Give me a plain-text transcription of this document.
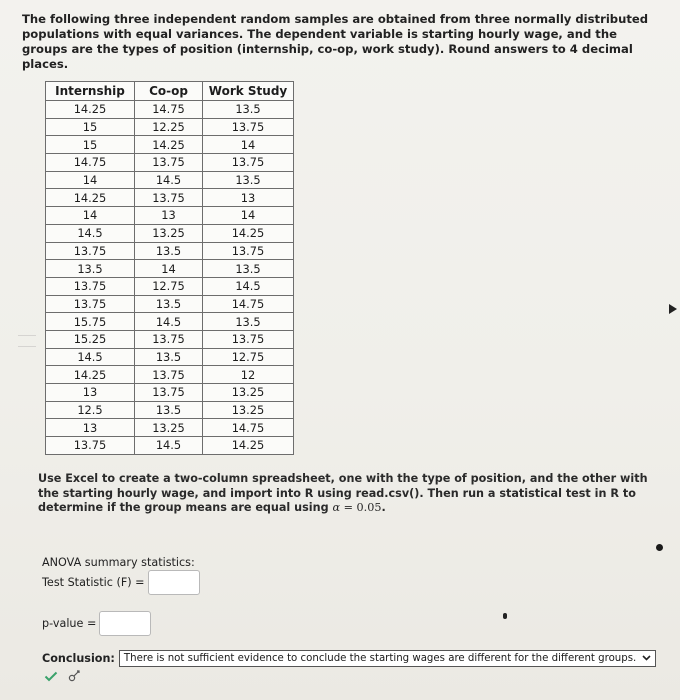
The following three independent random samples are obtained from three normally distributed populations with equal variances. The dependent variable is starting hourly wage, and the groups are the types of position (internship, co-op, work study). Round answers to 4 decimal places.
Internship	Co-op	Work Study
14.25	14.75	13.5
15	12.25	13.75
15	14.25	14
14.75	13.75	13.75
14	14.5	13.5
14.25	13.75	13
14	13	14
14.5	13.25	14.25
13.75	13.5	13.75
13.5	14	13.5
13.75	12.75	14.5
13.75	13.5	14.75
15.75	14.5	13.5
15.25	13.75	13.75
14.5	13.5	12.75
14.25	13.75	12
13	13.75	13.25
12.5	13.5	13.25
13	13.25	14.75
13.75	14.5	14.25
Use Excel to create a two-column spreadsheet, one with the type of position, and the other with the starting hourly wage, and import into R using read.csv(). Then run a statistical test in R to determine if the group means are equal using α = 0.05.
ANOVA summary statistics:
Test Statistic (F) =
p-value =
Conclusion: There is not sufficient evidence to conclude the starting wages are different for the different groups.
